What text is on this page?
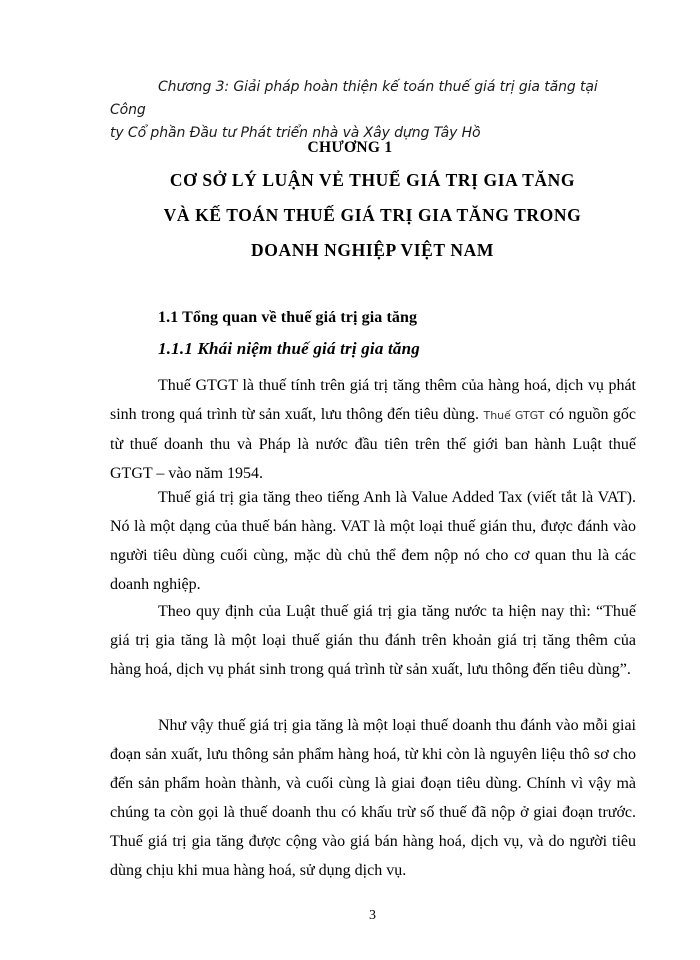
Chương 3: Giải pháp hoàn thiện kế toán thuế giá trị gia tăng tại Công
ty Cổ phần Đầu tư Phát triển nhà và Xây dựng Tây Hồ
CHƯƠNG 1
CƠ SỞ LÝ LUẬN VẺ THUẾ GIÁ TRỊ GIA TĂNG
VÀ KẾ TOÁN THUẾ GIÁ TRỊ GIA TĂNG TRONG
DOANH NGHIỆP VIỆT NAM
1.1 Tổng quan về thuế giá trị gia tăng
1.1.1 Khái niệm thuế giá trị gia tăng

Thuế GTGT là thuế tính trên giá trị tăng thêm của hàng hoá, dịch vụ phát sinh trong quá trình từ sản xuất, lưu thông đến tiêu dùng. Thuế GTGT có nguồn gốc từ thuế doanh thu và Pháp là nước đầu tiên trên thế giới ban hành Luật thuế GTGT – vào năm 1954.

Thuế giá trị gia tăng theo tiếng Anh là Value Added Tax (viết tắt là VAT). Nó là một dạng của thuế bán hàng. VAT là một loại thuế gián thu, được đánh vào người tiêu dùng cuối cùng, mặc dù chủ thể đem nộp nó cho cơ quan thu là các doanh nghiệp.

Theo quy định của Luật thuế giá trị gia tăng nước ta hiện nay thì: “Thuế giá trị gia tăng là một loại thuế gián thu đánh trên khoản giá trị tăng thêm của hàng hoá, dịch vụ phát sinh trong quá trình từ sản xuất, lưu thông đến tiêu dùng”.

Như vậy thuế giá trị gia tăng là một loại thuế doanh thu đánh vào mỗi giai đoạn sản xuất, lưu thông sản phẩm hàng hoá, từ khi còn là nguyên liệu thô sơ cho đến sản phẩm hoàn thành, và cuối cùng là giai đoạn tiêu dùng. Chính vì vậy mà chúng ta còn gọi là thuế doanh thu có khấu trừ số thuế đã nộp ở giai đoạn trước. Thuế giá trị gia tăng được cộng vào giá bán hàng hoá, dịch vụ, và do người tiêu dùng chịu khi mua hàng hoá, sử dụng dịch vụ.

3
